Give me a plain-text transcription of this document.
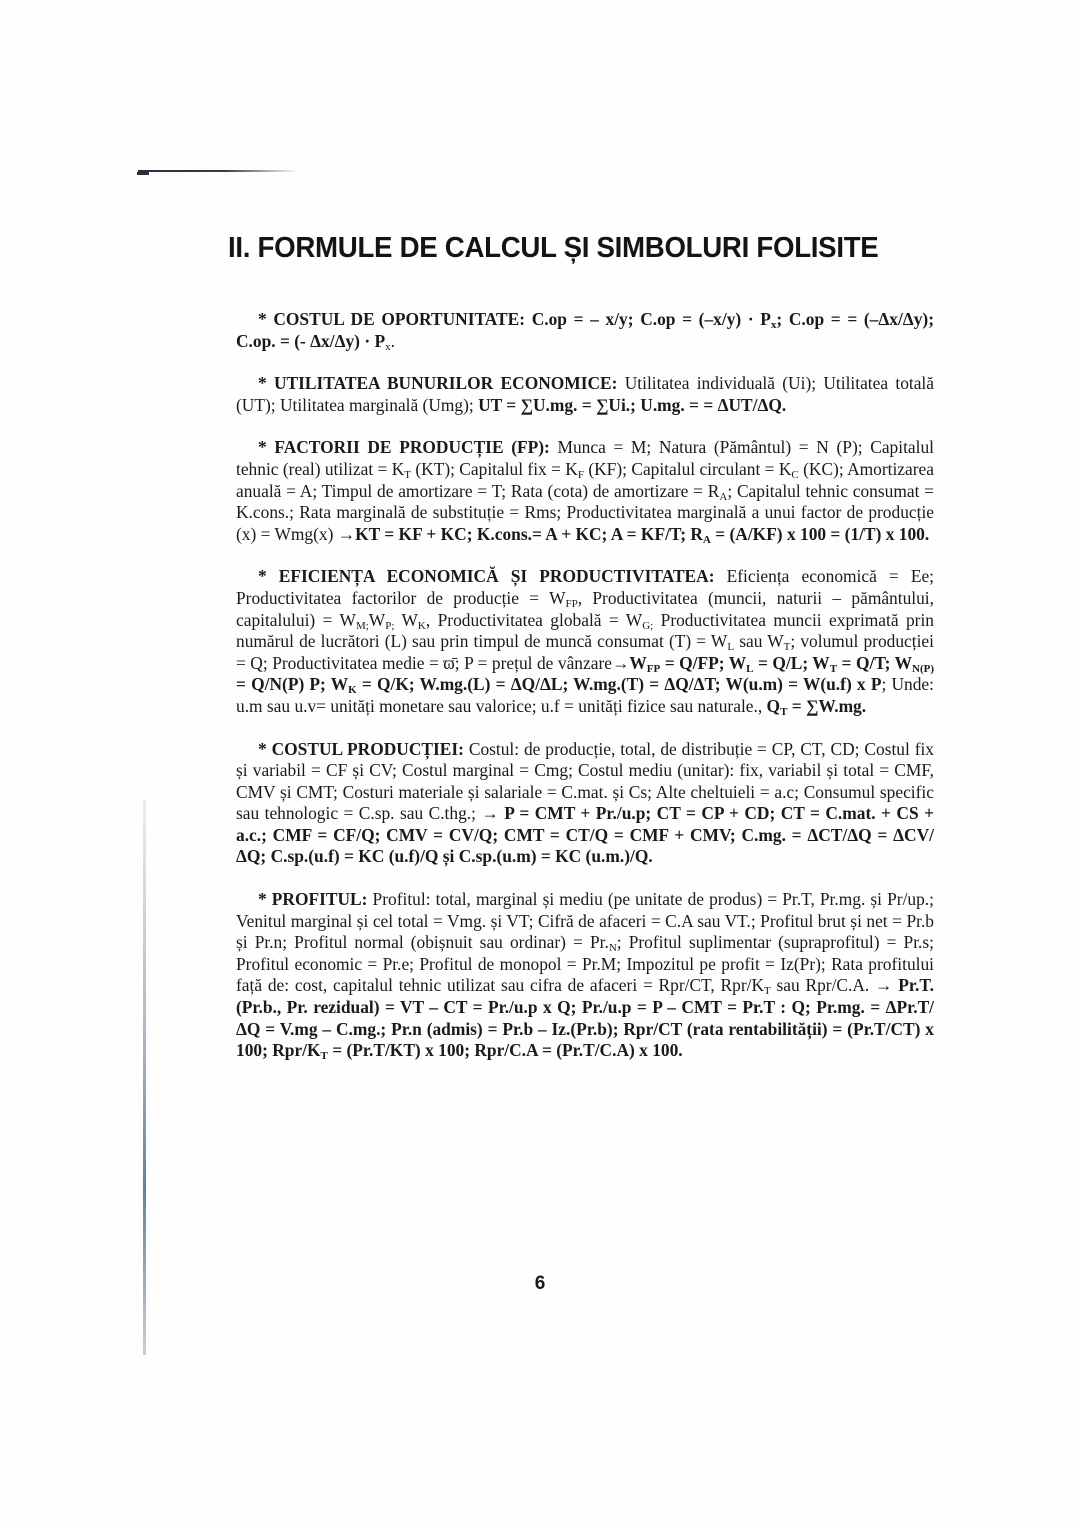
II. FORMULE DE CALCUL ȘI SIMBOLURI FOLISITE

* COSTUL DE OPORTUNITATE: C.op = – x/y; $C.op = (-x/y) \cdot P_x$; C.op = = (–Δx/Δy); C.op. = (- $\Delta x/\Delta y) \cdot P_x$.

* UTILITATEA BUNURILOR ECONOMICE: Utilitatea individuală (Ui); Utilitatea totală (UT); Utilitatea marginală (Umg); UT = ∑U.mg. = ∑Ui.; U.mg. = = ΔUT/ΔQ.

* FACTORII DE PRODUCȚIE (FP): Munca = M; Natura (Pământul) = N (P); Capitalul tehnic (real) utilizat = $K_T$ (KT); Capitalul fix = $K_F$ (KF); Capitalul circulant = $K_C$ (KC); Amortizarea anuală = A; Timpul de amortizare = T; Rata (cota) de amortizare = $R_A$; Capitalul tehnic consumat = K.cons.; Rata marginală de substituție = Rms; Productivitatea marginală a unui factor de producție (x) = Wmg(x) →KT = KF + KC; K.cons.= A + KC; A = KF/T; $R_A = (A/KF)$ x 100 = (1/T) x 100.

* EFICIENȚA ECONOMICĂ ȘI PRODUCTIVITATEA: Eficiența economică = Ee; Productivitatea factorilor de producție = $W_{FP}$, Productivitatea (muncii, naturii – pământului, capitalului) = $W_{M;}W_{P;}$ $W_K$, Productivitatea globală = $W_{G;}$ Productivitatea muncii exprimată prin numărul de lucrători (L) sau prin timpul de muncă consumat $(T) = W_L$ sau $W_T$; volumul producției = Q; Productivitatea medie = ϖ̄; P = prețul de $vânzare\to W_{FP} = Q/FP$; $W_L = Q/L$; $W_T = Q/T$; $W_{N(P)} = Q/N(P)$ P; $W_K = Q/K$; W.mg.(L) = ΔQ/ΔL; W.mg.(T) = ΔQ/ΔT; W(u.m) = W(u.f) x P; Unde: u.m sau u.v= unități monetare sau valorice; u.f = unități fizice sau naturale., $Q_T = \sum W.mg$.

* COSTUL PRODUCȚIEI: Costul: de producție, total, de distribuție = CP, CT, CD; Costul fix și variabil = CF și CV; Costul marginal = Cmg; Costul mediu (unitar): fix, variabil și total = CMF, CMV și CMT; Costuri materiale și salariale = C.mat. și Cs; Alte cheltuieli = a.c; Consumul specific sau tehnologic = C.sp. sau C.thg.; → P = CMT + Pr./u.p; CT = CP + CD; CT = C.mat. + CS + a.c.; CMF = CF/Q; CMV = CV/Q; CMT = CT/Q = CMF + CMV; C.mg. = ΔCT/ΔQ = ΔCV/ΔQ; C.sp.(u.f) = KC (u.f)/Q și C.sp.(u.m) = KC (u.m.)/Q.

* PROFITUL: Profitul: total, marginal și mediu (pe unitate de produs) = Pr.T, Pr.mg. și Pr/up.; Venitul marginal și cel total = Vmg. și VT; Cifră de afaceri = C.A sau VT.; Profitul brut și net = Pr.b și Pr.n; Profitul normal (obișnuit sau ordinar) = $Pr._N$; Profitul suplimentar (supraprofitul) = Pr.s; Profitul economic = Pr.e; Profitul de monopol = Pr.M; Impozitul pe profit = Iz(Pr); Rata profitului față de: cost, capitalul tehnic utilizat sau cifra de afaceri = Rpr/CT, Rpr/$K_T$ sau Rpr/C.A. → Pr.T.(Pr.b., Pr. rezidual) = VT – CT = Pr./u.p x Q; Pr./u.p = P – CMT = Pr.T : Q; Pr.mg. = ΔPr.T/ΔQ = V.mg – C.mg.; Pr.n (admis) = Pr.b – Iz.(Pr.b); Rpr/CT (rata rentabilității) = (Pr.T/CT) x 100; Rpr/$K_T = (Pr.T/KT)$ x 100; Rpr/C.A = (Pr.T/C.A) x 100.

6
